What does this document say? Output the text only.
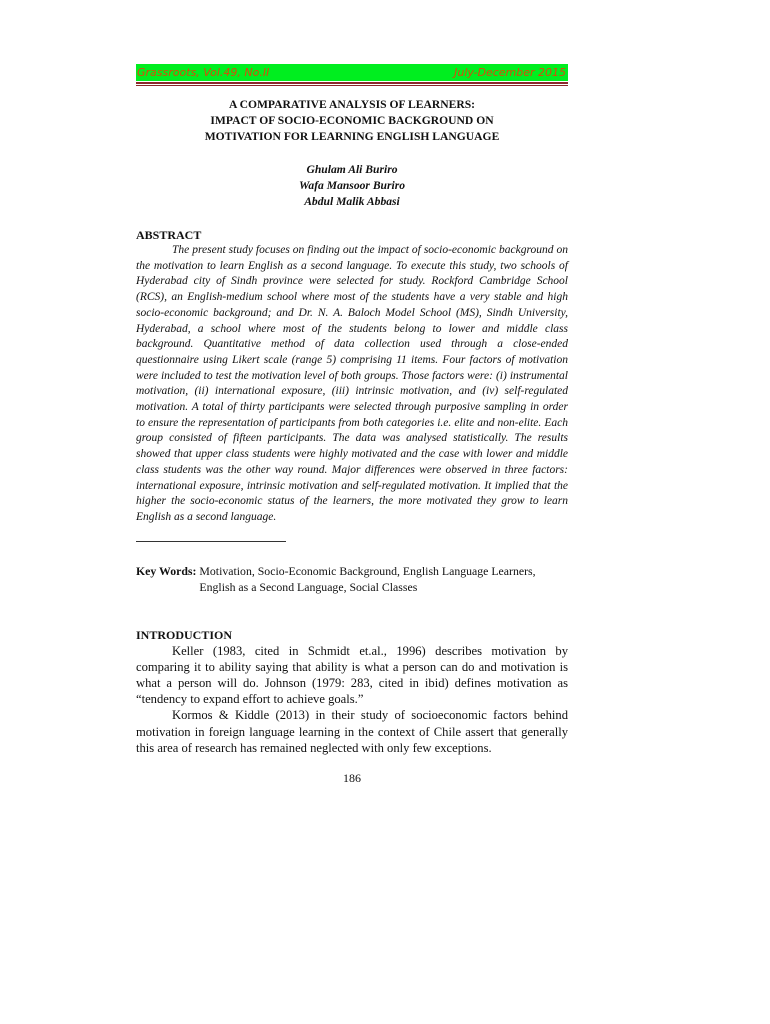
Grassroots, Vol.49, No.II	July-December 2015
A COMPARATIVE ANALYSIS OF LEARNERS:
IMPACT OF SOCIO-ECONOMIC BACKGROUND ON
MOTIVATION FOR LEARNING ENGLISH LANGUAGE
Ghulam Ali Buriro
Wafa Mansoor Buriro
Abdul Malik Abbasi
ABSTRACT

The present study focuses on finding out the impact of socio-economic background on the motivation to learn English as a second language. To execute this study, two schools of Hyderabad city of Sindh province were selected for study. Rockford Cambridge School (RCS), an English-medium school where most of the students have a very stable and high socio-economic background; and Dr. N. A. Baloch Model School (MS), Sindh University, Hyderabad, a school where most of the students belong to lower and middle class background. Quantitative method of data collection used through a close-ended questionnaire using Likert scale (range 5) comprising 11 items. Four factors of motivation were included to test the motivation level of both groups. Those factors were: (i) instrumental motivation, (ii) international exposure, (iii) intrinsic motivation, and (iv) self-regulated motivation. A total of thirty participants were selected through purposive sampling in order to ensure the representation of participants from both categories i.e. elite and non-elite. Each group consisted of fifteen participants. The data was analysed statistically. The results showed that upper class students were highly motivated and the case with lower and middle class students was the other way round. Major differences were observed in three factors: international exposure, intrinsic motivation and self-regulated motivation. It implied that the higher the socio-economic status of the learners, the more motivated they grow to learn English as a second language.

Key Words: Motivation, Socio-Economic Background, English Language Learners, English as a Second Language, Social Classes
INTRODUCTION

Keller (1983, cited in Schmidt et.al., 1996) describes motivation by comparing it to ability saying that ability is what a person can do and motivation is what a person will do. Johnson (1979: 283, cited in ibid) defines motivation as “tendency to expand effort to achieve goals.”

Kormos & Kiddle (2013) in their study of socioeconomic factors behind motivation in foreign language learning in the context of Chile assert that generally this area of research has remained neglected with only few exceptions.

186
